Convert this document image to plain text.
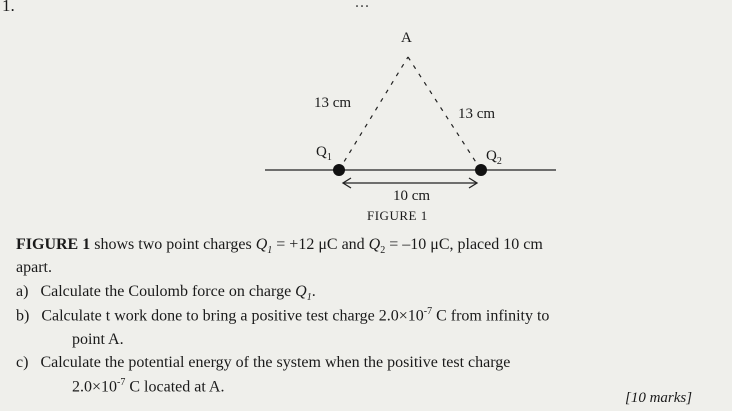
1.	...
A
13 cm
13 cm
$Q_1$	$Q_2$
10 cm
FIGURE 1
FIGURE 1 shows two point charges $Q_1 = +12$ μC and $Q_2 = -10$ μC, placed 10 cm
apart.
a) Calculate the Coulomb force on charge $Q_1$.
b) Calculate t work done to bring a positive test charge $2.0\times 10^{-7}$ C from infinity to
point A.
c) Calculate the potential energy of the system when the positive test charge
$2.0\times 10^{-7}$ C located at A.
[10 marks]
